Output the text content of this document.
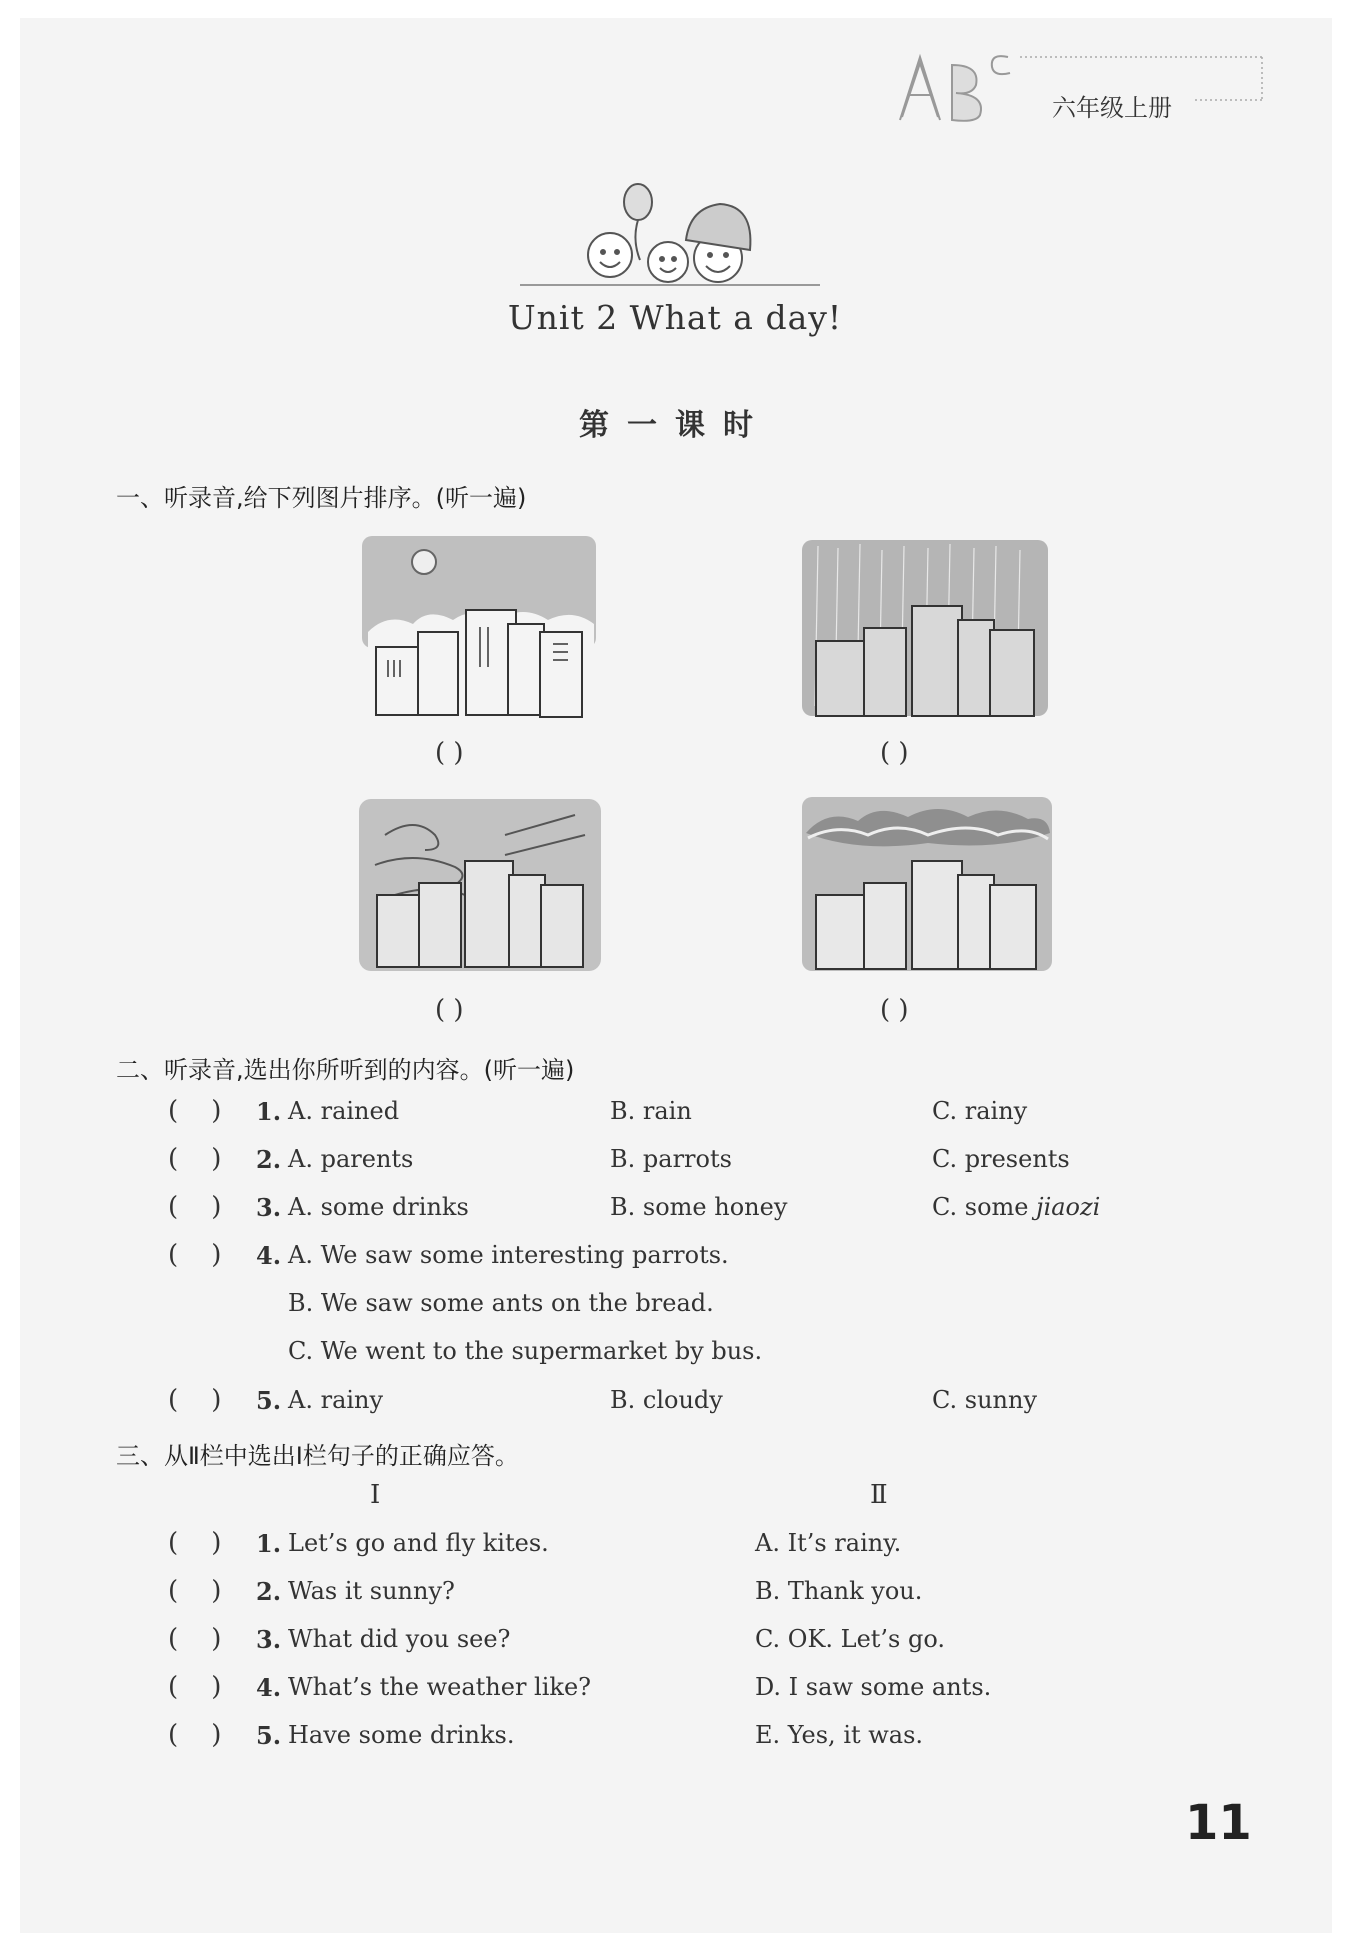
六年级上册
Unit 2 What a day!
第一课时
一、听录音,给下列图片排序。(听一遍)
( )	( )
( )	( )
二、听录音,选出你所听到的内容。(听一遍)
(    ) 1. A. rained	B. rain	C. rainy
(    ) 2. A. parents	B. parrots	C. presents
(    ) 3. A. some drinks	B. some honey	C. some jiaozi
(    ) 4. A. We saw some interesting parrots.
B. We saw some ants on the bread.
C. We went to the supermarket by bus.
(    ) 5. A. rainy	B. cloudy	C. sunny
三、从Ⅱ栏中选出Ⅰ栏句子的正确应答。
Ⅰ	Ⅱ
(    ) 1. Let’s go and fly kites.	A. It’s rainy.
(    ) 2. Was it sunny?	B. Thank you.
(    ) 3. What did you see?	C. OK. Let’s go.
(    ) 4. What’s the weather like?	D. I saw some ants.
(    ) 5. Have some drinks.	E. Yes, it was.
11
